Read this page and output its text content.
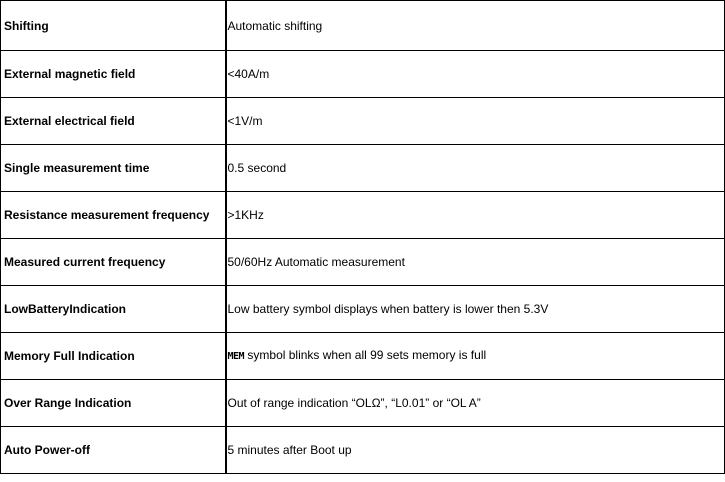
Shifting	Automatic shifting
External magnetic field	<40A/m
External electrical field	<1V/m
Single measurement time	0.5 second
Resistance measurement frequency	>1KHz
Measured current frequency	50/60Hz Automatic measurement
LowBatteryIndication	Low battery symbol displays when battery is lower then 5.3V
Memory Full Indication	MEM symbol blinks when all 99 sets memory is full
Over Range Indication	Out of range indication “OLΩ”, “L0.01” or “OL A”
Auto Power-off	5 minutes after Boot up
